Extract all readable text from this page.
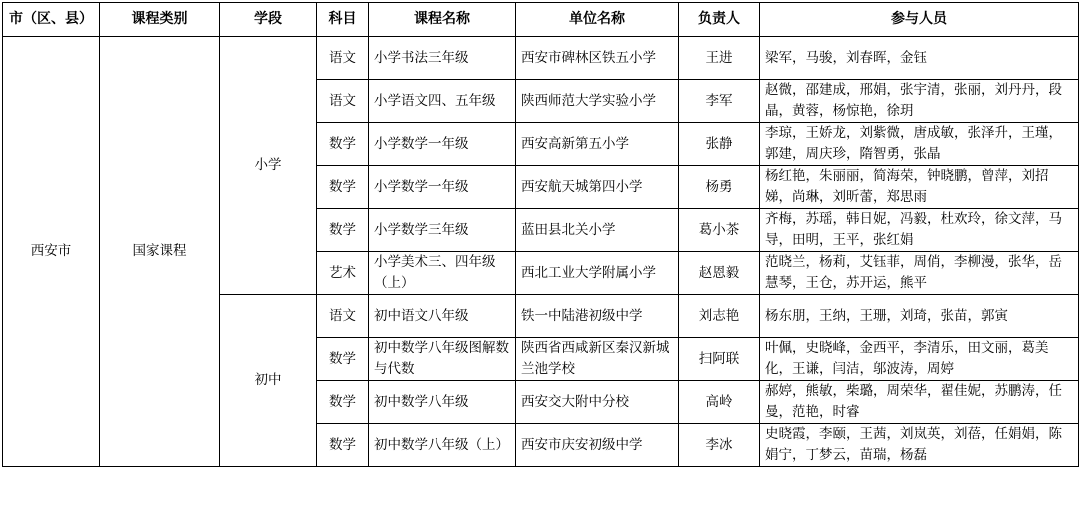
市（区、县）	课程类别	学段	科目	课程名称	单位名称	负责人	参与人员
西安市	国家课程	小学	语文	小学书法三年级	西安市碑林区铁五小学	王进	梁军，马骏，刘春晖，金钰
			语文	小学语文四、五年级	陕西师范大学实验小学	李军	赵微，邵建成，邢娟，张宇清，张丽，刘丹丹，段晶，黄蓉，杨惊艳，徐玥
			数学	小学数学一年级	西安高新第五小学	张静	李琼，王娇龙，刘紫微，唐成敏，张泽升，王瑾，郭建，周庆珍，隋智勇，张晶
			数学	小学数学一年级	西安航天城第四小学	杨勇	杨红艳，朱丽丽，简海荣，钟晓鹏，曾萍，刘招娣，尚琳，刘昕蕾，郑思雨
			数学	小学数学三年级	蓝田县北关小学	葛小茶	齐梅，苏瑶，韩日妮，冯毅，杜欢玲，徐文萍，马导，田明，王平，张红娟
			艺术	小学美术三、四年级（上）	西北工业大学附属小学	赵恩毅	范晓兰，杨莉，艾钰菲，周俏，李柳漫，张华，岳慧琴，王仓，苏开运，熊平
		初中	语文	初中语文八年级	铁一中陆港初级中学	刘志艳	杨东朋，王纳，王珊，刘琦，张苗，郭寅
			数学	初中数学八年级图解数与代数	陕西省西咸新区秦汉新城兰池学校	扫阿联	叶佩，史晓峰，金西平，李清乐，田文丽，葛美化，王谦，闫洁，邬波涛，周婷
			数学	初中数学八年级	西安交大附中分校	高岭	郝婷，熊敏，柴璐，周荣华，翟佳妮，苏鹏涛，任曼，范艳，时睿
			数学	初中数学八年级（上）	西安市庆安初级中学	李冰	史晓霞，李颐，王茜，刘岚英，刘蓓，任娟娟，陈娟宁，丁梦云，苗瑞，杨磊
